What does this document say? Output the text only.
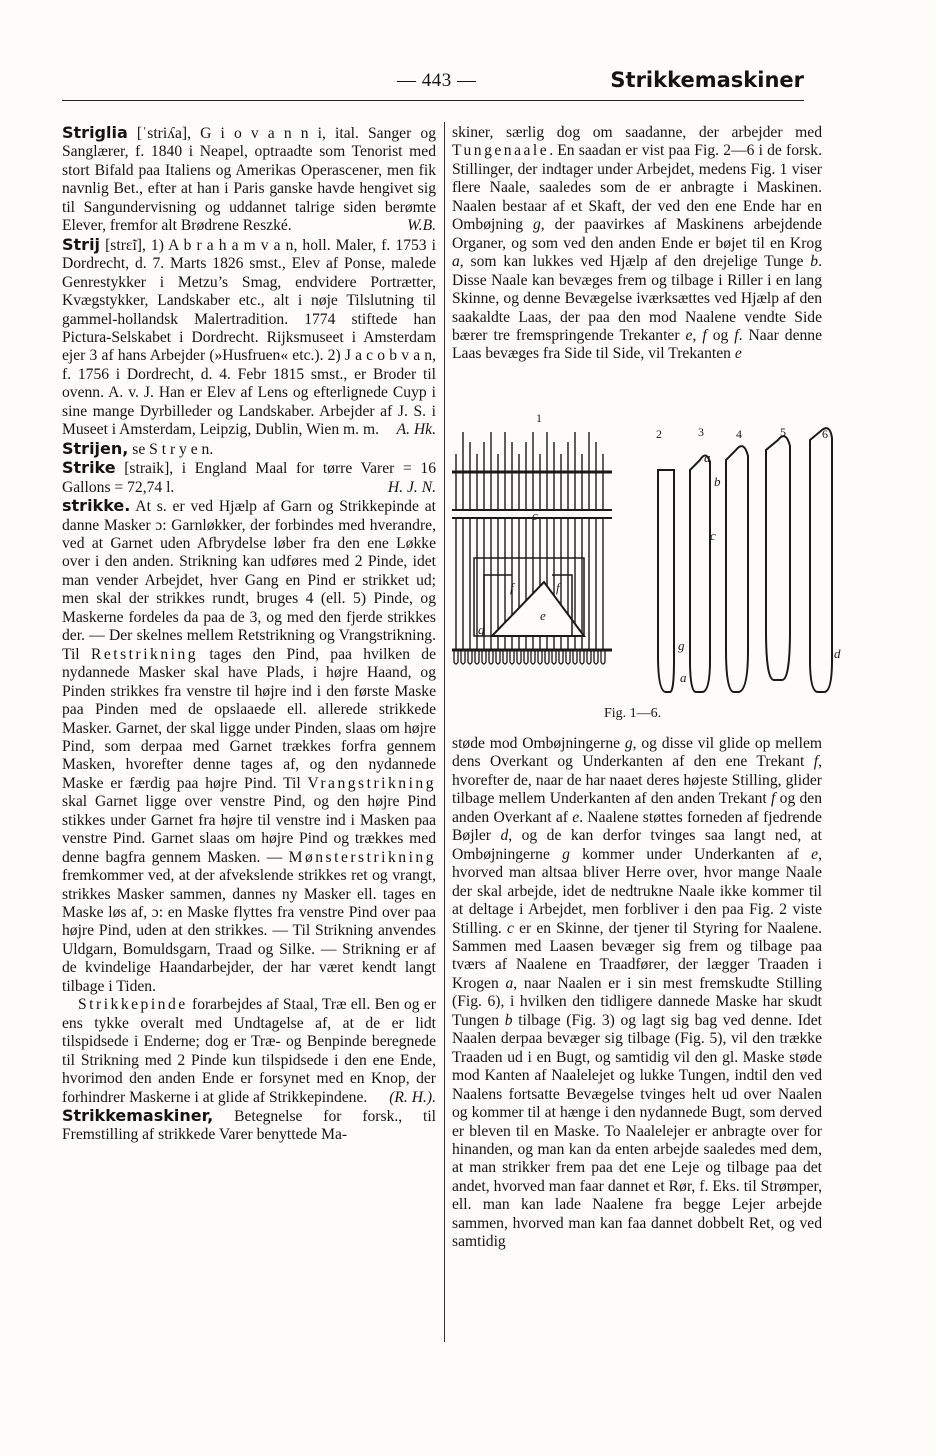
— 443 —	Strikkemaskiner

Striglia [ˈstriʎa], G i o v a n n i, ital. Sanger og Sanglærer, f. 1840 i Neapel, optraadte som Tenorist med stort Bifald paa Italiens og Amerikas Operascener, men fik navnlig Bet., efter at han i Paris ganske havde hengivet sig til Sangundervisning og uddannet talrige siden berømte Elever, fremfor alt Brødrene Reszké.	W.B.

Strij [strɛ̃i], 1) A b r a h a m v a n, holl. Maler, f. 1753 i Dordrecht, d. 7. Marts 1826 smst., Elev af Ponse, malede Genrestykker i Metzu’s Smag, endvidere Portrætter, Kvægstykker, Landskaber etc., alt i nøje Tilslutning til gammel-hollandsk Malertradition. 1774 stiftede han Pictura-Selskabet i Dordrecht. Rijksmuseet i Amsterdam ejer 3 af hans Arbejder (»Husfruen« etc.). 2) J a c o b v a n, f. 1756 i Dordrecht, d. 4. Febr 1815 smst., er Broder til ovenn. A. v. J. Han er Elev af Lens og efterlignede Cuyp i sine mange Dyrbilleder og Landskaber. Arbejder af J. S. i Museet i Amsterdam, Leipzig, Dublin, Wien m. m. A. Hk.

Strijen, se S t r y e n.

Strike [straik], i England Maal for tørre Varer = 16 Gallons = 72,74 l.	H. J. N.

strikke. At s. er ved Hjælp af Garn og Strikkepinde at danne Masker ɔ: Garnløkker, der forbindes med hverandre, ved at Garnet uden Afbrydelse løber fra den ene Løkke over i den anden. Strikning kan udføres med 2 Pinde, idet man vender Arbejdet, hver Gang en Pind er strikket ud; men skal der strikkes rundt, bruges 4 (ell. 5) Pinde, og Maskerne fordeles da paa de 3, og med den fjerde strikkes der. — Der skelnes mellem Retstrikning og Vrangstrikning. Til Retstrikning tages den Pind, paa hvilken de nydannede Masker skal have Plads, i højre Haand, og Pinden strikkes fra venstre til højre ind i den første Maske paa Pinden med de opslaaede ell. allerede strikkede Masker. Garnet, der skal ligge under Pinden, slaas om højre Pind, som derpaa med Garnet trækkes forfra gennem Masken, hvorefter denne tages af, og den nydannede Maske er færdig paa højre Pind. Til Vrangstrikning skal Garnet ligge over venstre Pind, og den højre Pind stikkes under Garnet fra højre til venstre ind i Masken paa venstre Pind. Garnet slaas om højre Pind og trækkes med denne bagfra gennem Masken. — Mønsterstrikning fremkommer ved, at der afvekslende strikkes ret og vrangt, strikkes Masker sammen, dannes ny Masker ell. tages en Maske løs af, ɔ: en Maske flyttes fra venstre Pind over paa højre Pind, uden at den strikkes. — Til Strikning anvendes Uldgarn, Bomuldsgarn, Traad og Silke. — Strikning er af de kvindelige Haandarbejder, der har været kendt langt tilbage i Tiden.

Strikkepinde forarbejdes af Staal, Træ ell. Ben og er ens tykke overalt med Undtagelse af, at de er lidt tilspidsede i Enderne; dog er Træ- og Benpinde beregnede til Strikning med 2 Pinde kun tilspidsede i den ene Ende, hvorimod den anden Ende er forsynet med en Knop, der forhindrer Maskerne i at glide af Strikkepindene.	(R. H.).

Strikkemaskiner, Betegnelse for forsk., til Fremstilling af strikkede Varer benyttede Ma-

skiner, særlig dog om saadanne, der arbejder med Tungenaale. En saadan er vist paa Fig. 2—6 i de forsk. Stillinger, der indtager under Arbejdet, medens Fig. 1 viser flere Naale, saaledes som de er anbragte i Maskinen. Naalen bestaar af et Skaft, der ved den ene Ende har en Ombøjning g, der paavirkes af Maskinens arbejdende Organer, og som ved den anden Ende er bøjet til en Krog a, som kan lukkes ved Hjælp af den drejelige Tunge b. Disse Naale kan bevæges frem og tilbage i Riller i en lang Skinne, og denne Bevægelse iværksættes ved Hjælp af den saakaldte Laas, der paa den mod Naalene vendte Side bærer tre fremspringende Trekanter e, f og f. Naar denne Laas bevæges fra Side til Side, vil Trekanten e

1
2	3	4	5	6
c
f	f
e
g
a
b
c
g
a
d
Fig. 1—6.

støde mod Ombøjningerne g, og disse vil glide op mellem dens Overkant og Underkanten af den ene Trekant f, hvorefter de, naar de har naaet deres højeste Stilling, glider tilbage mellem Underkanten af den anden Trekant f og den anden Overkant af e. Naalene støttes forneden af fjedrende Bøjler d, og de kan derfor tvinges saa langt ned, at Ombøjningerne g kommer under Underkanten af e, hvorved man altsaa bliver Herre over, hvor mange Naale der skal arbejde, idet de nedtrukne Naale ikke kommer til at deltage i Arbejdet, men forbliver i den paa Fig. 2 viste Stilling. c er en Skinne, der tjener til Styring for Naalene. Sammen med Laasen bevæger sig frem og tilbage paa tværs af Naalene en Traadfører, der lægger Traaden i Krogen a, naar Naalen er i sin mest fremskudte Stilling (Fig. 6), i hvilken den tidligere dannede Maske har skudt Tungen b tilbage (Fig. 3) og lagt sig bag ved denne. Idet Naalen derpaa bevæger sig tilbage (Fig. 5), vil den trække Traaden ud i en Bugt, og samtidig vil den gl. Maske støde mod Kanten af Naalelejet og lukke Tungen, indtil den ved Naalens fortsatte Bevægelse tvinges helt ud over Naalen og kommer til at hænge i den nydannede Bugt, som derved er bleven til en Maske. To Naalelejer er anbragte over for hinanden, og man kan da enten arbejde saaledes med dem, at man strikker frem paa det ene Leje og tilbage paa det andet, hvorved man faar dannet et Rør, f. Eks. til Strømper, ell. man kan lade Naalene fra begge Lejer arbejde sammen, hvorved man kan faa dannet dobbelt Ret, og ved samtidig
